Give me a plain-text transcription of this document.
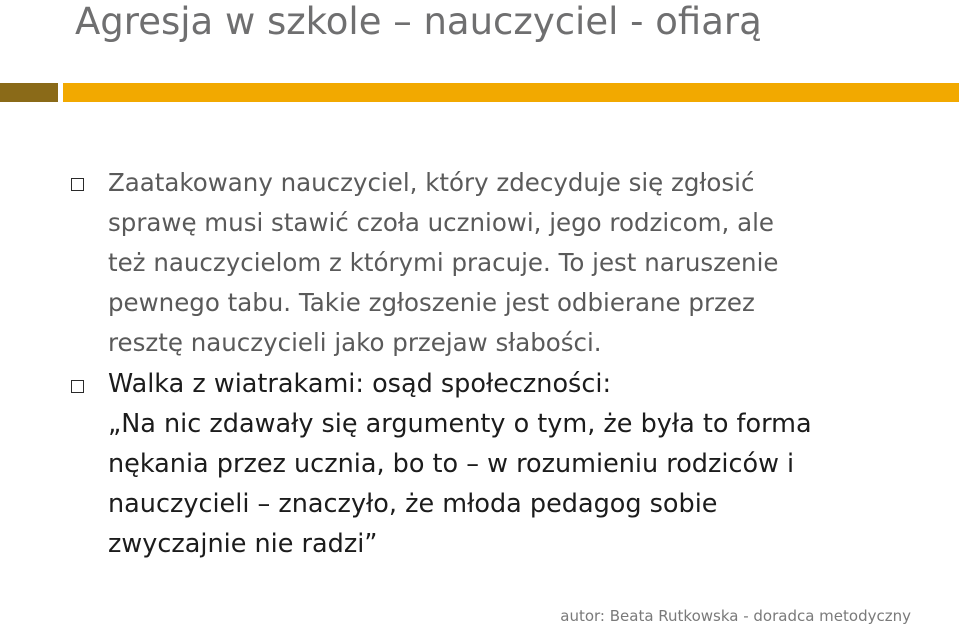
Agresja w szkole – nauczyciel - ofiarą

Zaatakowany nauczyciel, który zdecyduje się zgłosić
sprawę musi stawić czoła uczniowi, jego rodzicom, ale
też nauczycielom z którymi pracuje. To jest naruszenie
pewnego tabu. Takie zgłoszenie jest odbierane przez
resztę nauczycieli jako przejaw słabości.

Walka z wiatrakami: osąd społeczności:
„Na nic zdawały się argumenty o tym, że była to forma
nękania przez ucznia, bo to – w rozumieniu rodziców i
nauczycieli – znaczyło, że młoda pedagog sobie
zwyczajnie nie radzi”

autor: Beata Rutkowska - doradca metodyczny
